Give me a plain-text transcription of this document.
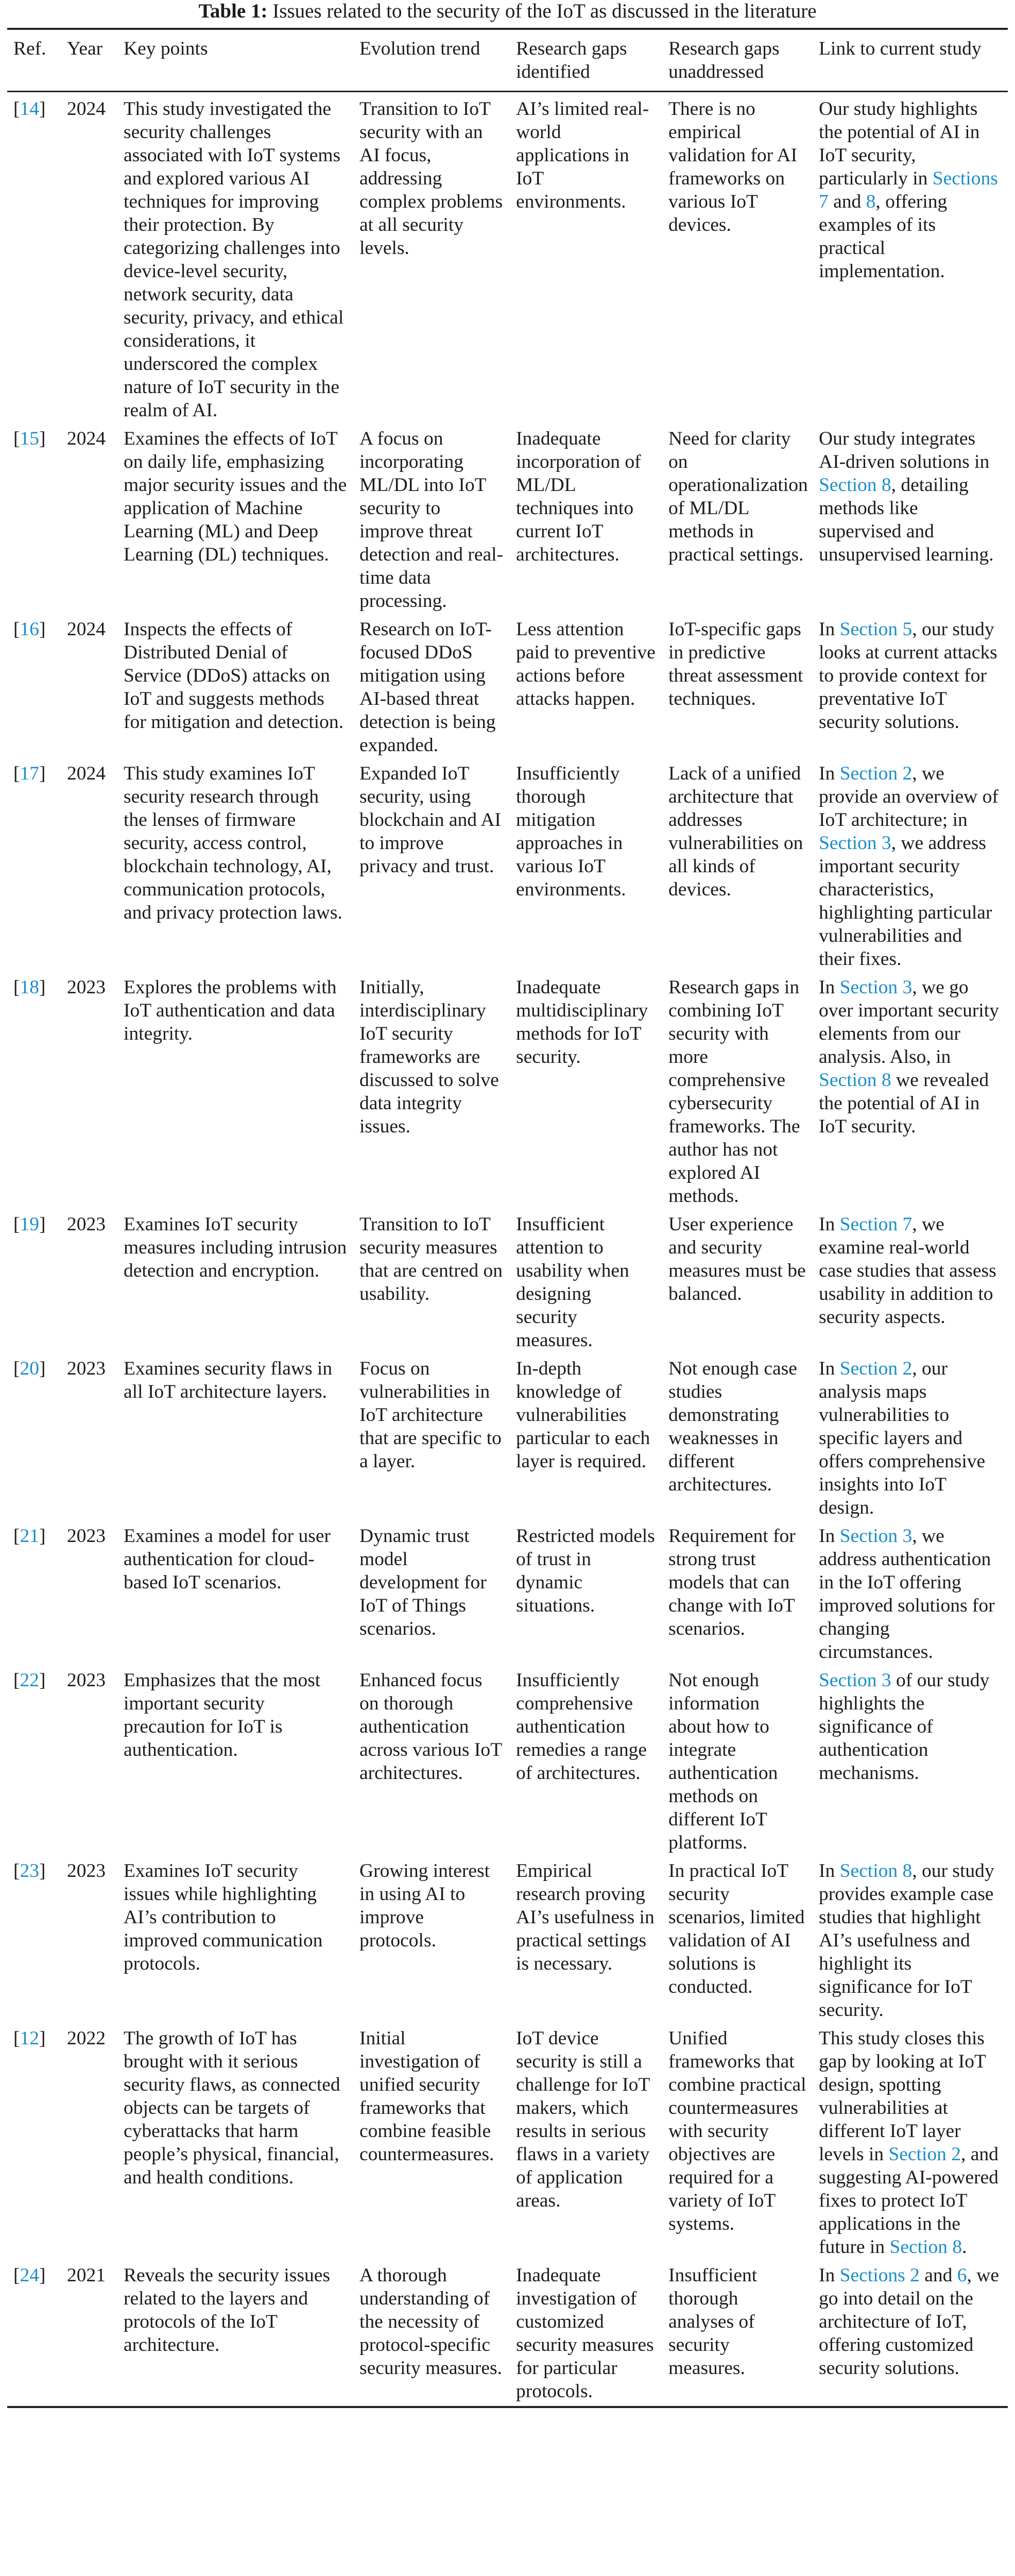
Table 1: Issues related to the security of the IoT as discussed in the literature
Ref.	Year	Key points	Evolution trend	Research gaps identified	Research gaps unaddressed	Link to current study
[14]	2024	This study investigated the security challenges associated with IoT systems and explored various AI techniques for improving their protection. By categorizing challenges into device-level security, network security, data security, privacy, and ethical considerations, it underscored the complex nature of IoT security in the realm of AI.	Transition to IoT security with an AI focus, addressing complex problems at all security levels.	AI’s limited real-world applications in IoT environments.	There is no empirical validation for AI frameworks on various IoT devices.	Our study highlights the potential of AI in IoT security, particularly in Sections 7 and 8, offering examples of its practical implementation.
[15]	2024	Examines the effects of IoT on daily life, emphasizing major security issues and the application of Machine Learning (ML) and Deep Learning (DL) techniques.	A focus on incorporating ML/DL into IoT security to improve threat detection and real-time data processing.	Inadequate incorporation of ML/DL techniques into current IoT architectures.	Need for clarity on operationalization of ML/DL methods in practical settings.	Our study integrates AI-driven solutions in Section 8, detailing methods like supervised and unsupervised learning.
[16]	2024	Inspects the effects of Distributed Denial of Service (DDoS) attacks on IoT and suggests methods for mitigation and detection.	Research on IoT-focused DDoS mitigation using AI-based threat detection is being expanded.	Less attention paid to preventive actions before attacks happen.	IoT-specific gaps in predictive threat assessment techniques.	In Section 5, our study looks at current attacks to provide context for preventative IoT security solutions.
[17]	2024	This study examines IoT security research through the lenses of firmware security, access control, blockchain technology, AI, communication protocols, and privacy protection laws.	Expanded IoT security, using blockchain and AI to improve privacy and trust.	Insufficiently thorough mitigation approaches in various IoT environments.	Lack of a unified architecture that addresses vulnerabilities on all kinds of devices.	In Section 2, we provide an overview of IoT architecture; in Section 3, we address important security characteristics, highlighting particular vulnerabilities and their fixes.
[18]	2023	Explores the problems with IoT authentication and data integrity.	Initially, interdisciplinary IoT security frameworks are discussed to solve data integrity issues.	Inadequate multidisciplinary methods for IoT security.	Research gaps in combining IoT security with more comprehensive cybersecurity frameworks. The author has not explored AI methods.	In Section 3, we go over important security elements from our analysis. Also, in Section 8 we revealed the potential of AI in IoT security.
[19]	2023	Examines IoT security measures including intrusion detection and encryption.	Transition to IoT security measures that are centred on usability.	Insufficient attention to usability when designing security measures.	User experience and security measures must be balanced.	In Section 7, we examine real-world case studies that assess usability in addition to security aspects.
[20]	2023	Examines security flaws in all IoT architecture layers.	Focus on vulnerabilities in IoT architecture that are specific to a layer.	In-depth knowledge of vulnerabilities particular to each layer is required.	Not enough case studies demonstrating weaknesses in different architectures.	In Section 2, our analysis maps vulnerabilities to specific layers and offers comprehensive insights into IoT design.
[21]	2023	Examines a model for user authentication for cloud-based IoT scenarios.	Dynamic trust model development for IoT of Things scenarios.	Restricted models of trust in dynamic situations.	Requirement for strong trust models that can change with IoT scenarios.	In Section 3, we address authentication in the IoT offering improved solutions for changing circumstances.
[22]	2023	Emphasizes that the most important security precaution for IoT is authentication.	Enhanced focus on thorough authentication across various IoT architectures.	Insufficiently comprehensive authentication remedies a range of architectures.	Not enough information about how to integrate authentication methods on different IoT platforms.	Section 3 of our study highlights the significance of authentication mechanisms.
[23]	2023	Examines IoT security issues while highlighting AI’s contribution to improved communication protocols.	Growing interest in using AI to improve protocols.	Empirical research proving AI’s usefulness in practical settings is necessary.	In practical IoT security scenarios, limited validation of AI solutions is conducted.	In Section 8, our study provides example case studies that highlight AI’s usefulness and highlight its significance for IoT security.
[12]	2022	The growth of IoT has brought with it serious security flaws, as connected objects can be targets of cyberattacks that harm people’s physical, financial, and health conditions.	Initial investigation of unified security frameworks that combine feasible countermeasures.	IoT device security is still a challenge for IoT makers, which results in serious flaws in a variety of application areas.	Unified frameworks that combine practical countermeasures with security objectives are required for a variety of IoT systems.	This study closes this gap by looking at IoT design, spotting vulnerabilities at different IoT layer levels in Section 2, and suggesting AI-powered fixes to protect IoT applications in the future in Section 8.
[24]	2021	Reveals the security issues related to the layers and protocols of the IoT architecture.	A thorough understanding of the necessity of protocol-specific security measures.	Inadequate investigation of customized security measures for particular protocols.	Insufficient thorough analyses of security measures.	In Sections 2 and 6, we go into detail on the architecture of IoT, offering customized security solutions.
